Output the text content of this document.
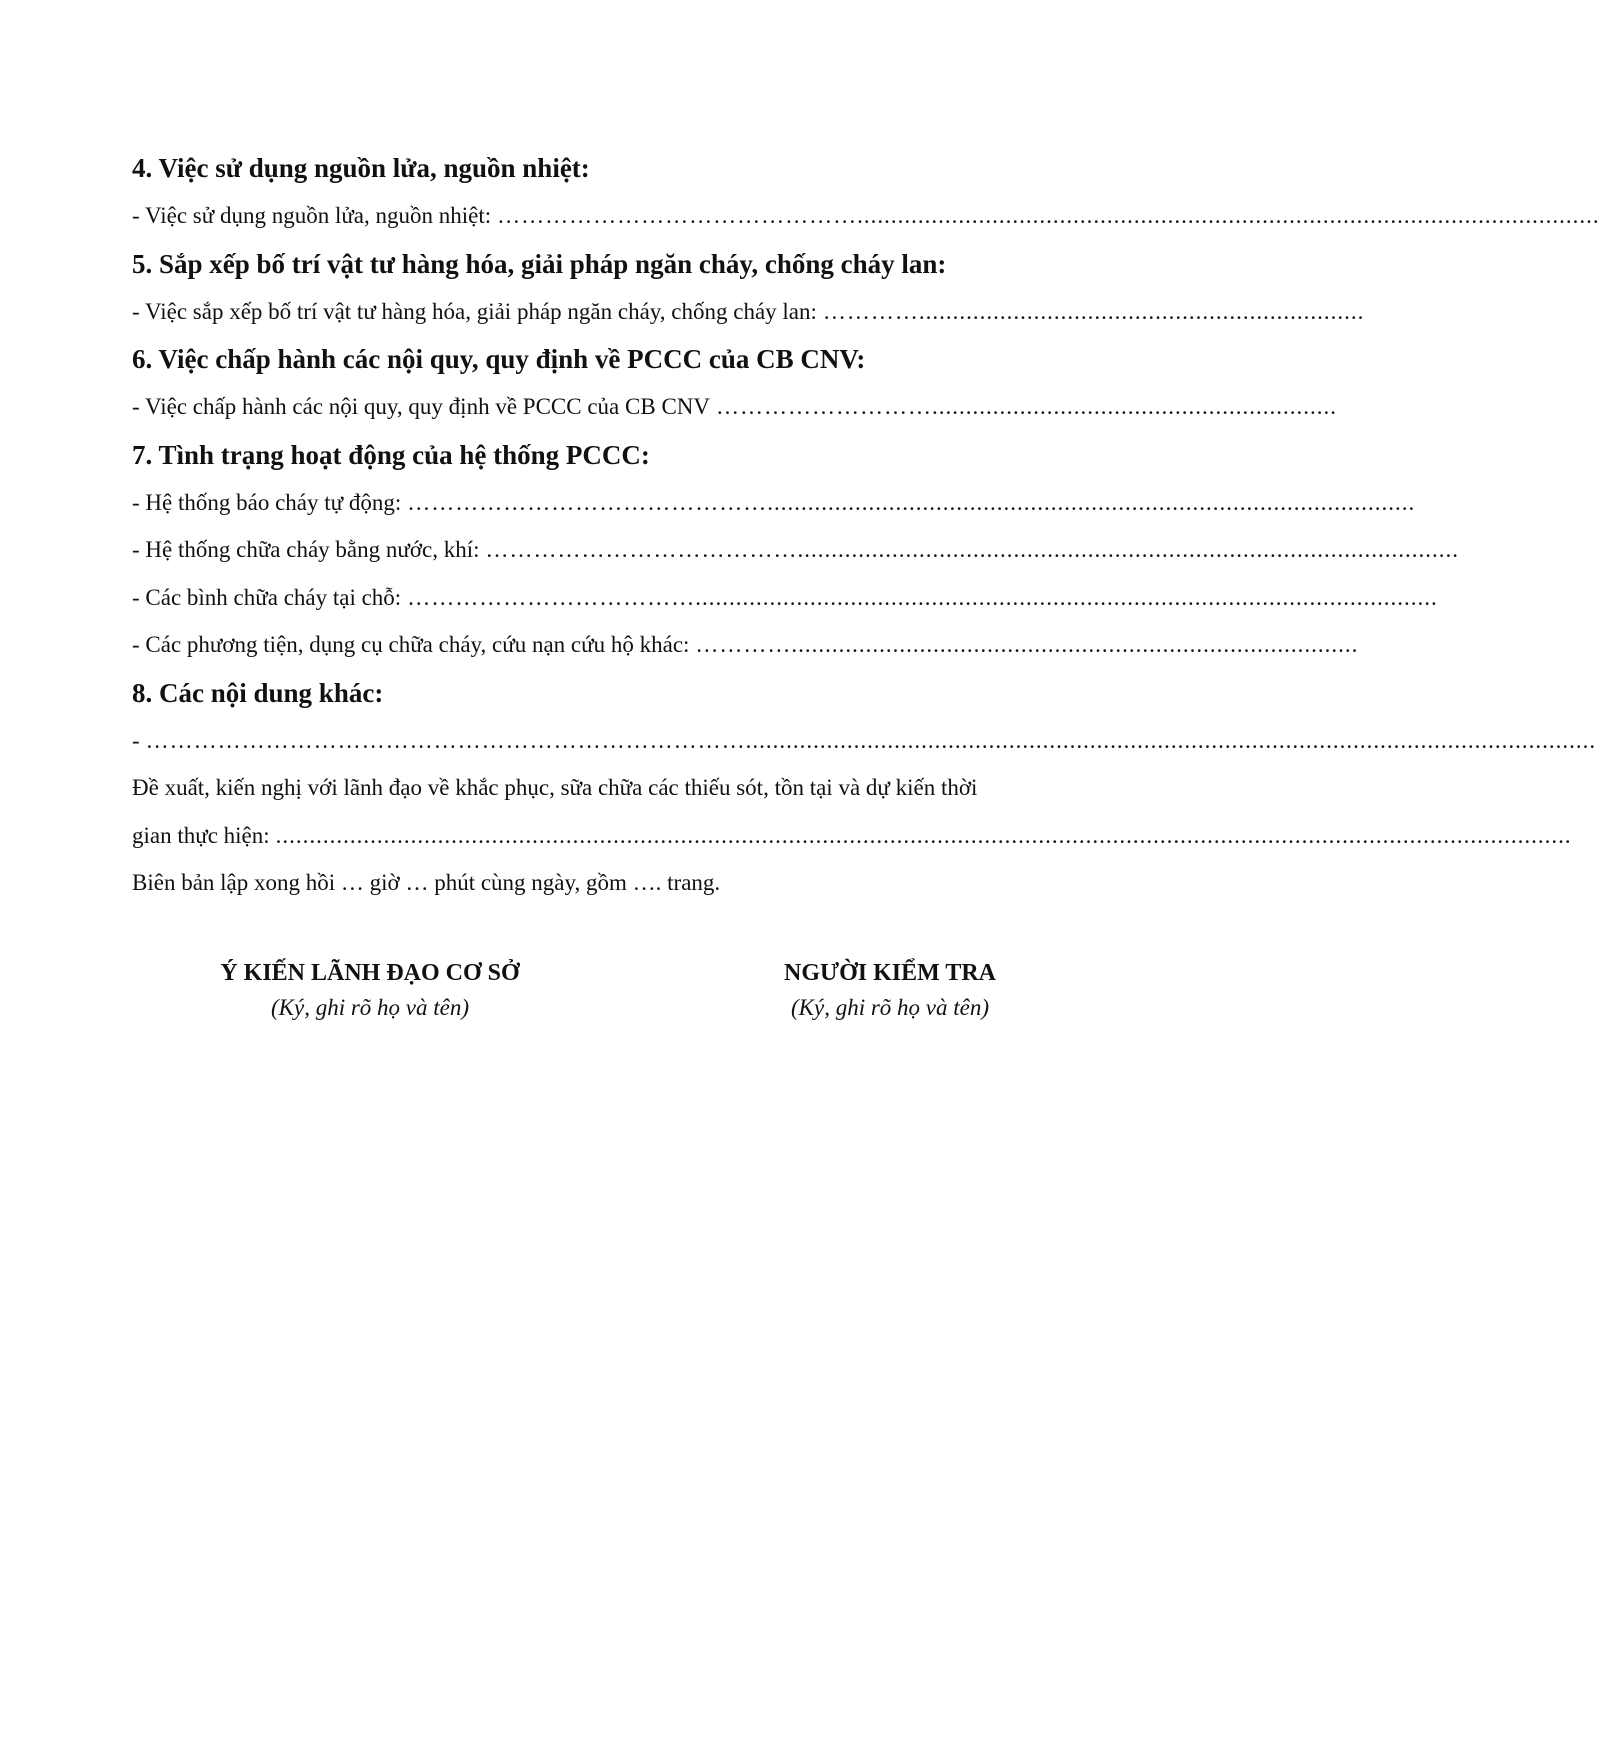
4. Việc sử dụng nguồn lửa, nguồn nhiệt:
- Việc sử dụng nguồn lửa, nguồn nhiệt: ………………………………………..............................................................................................................
5. Sắp xếp bố trí vật tư hàng hóa, giải pháp ngăn cháy, chống cháy lan:
- Việc sắp xếp bố trí vật tư hàng hóa, giải pháp ngăn cháy, chống cháy lan: …………..................................................................
6. Việc chấp hành các nội quy, quy định về PCCC của CB CNV:
- Việc chấp hành các nội quy, quy định về PCCC của CB CNV ………………………............................................................
7. Tình trạng hoạt động của hệ thống PCCC:
- Hệ thống báo cháy tự động: ………………………………………................................................................................................
- Hệ thống chữa cháy bằng nước, khí: …………………………………..................................................................................................
- Các bình chữa cháy tại chỗ: ………………………………..............................................................................................................
- Các phương tiện, dụng cụ chữa cháy, cứu nạn cứu hộ khác: …………....................................................................................
8. Các nội dung khác:
- …………………………………………………………………..............................................................................................................................
Đề xuất, kiến nghị với lãnh đạo về khắc phục, sữa chữa các thiếu sót, tồn tại và dự kiến thời
gian thực hiện: ................................................................................................................................................................................................
Biên bản lập xong hồi … giờ … phút cùng ngày, gồm …. trang.
Ý KIẾN LÃNH ĐẠO CƠ SỞ
(Ký, ghi rõ họ và tên)
NGƯỜI KIỂM TRA
(Ký, ghi rõ họ và tên)
